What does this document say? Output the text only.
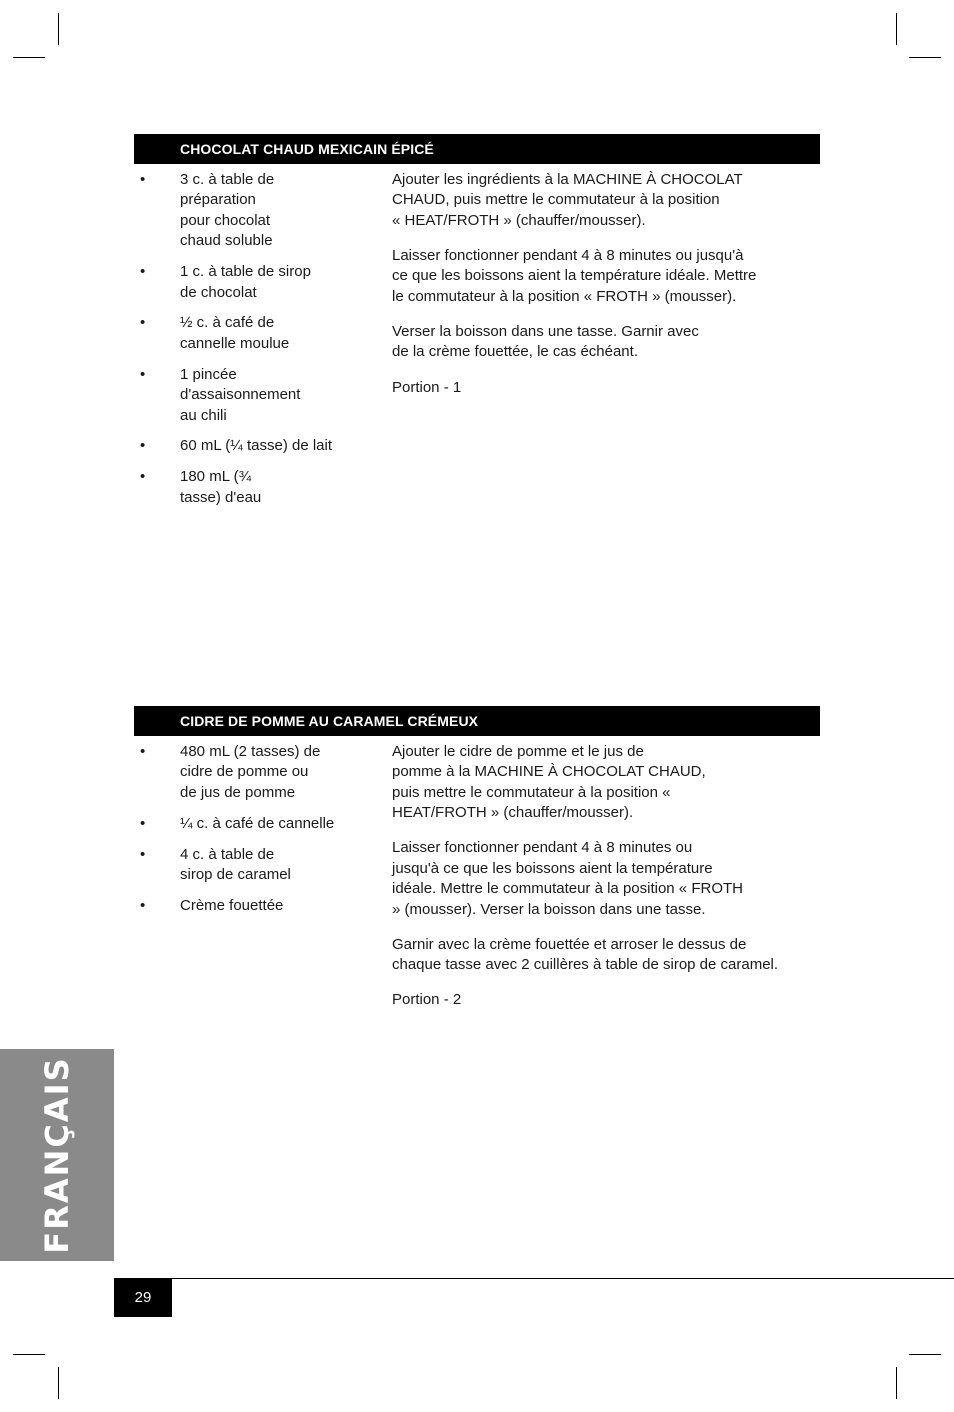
CHOCOLAT CHAUD MEXICAIN ÉPICÉ
• 3 c. à table de
préparation
pour chocolat
chaud soluble
• 1 c. à table de sirop
de chocolat
• ½ c. à café de
cannelle moulue
• 1 pincée
d'assaisonnement
au chili
• 60 mL (¼ tasse) de lait
• 180 mL (¾
tasse) d'eau

Ajouter les ingrédients à la MACHINE À CHOCOLAT
CHAUD, puis mettre le commutateur à la position
« HEAT/FROTH » (chauffer/mousser).

Laisser fonctionner pendant 4 à 8 minutes ou jusqu'à
ce que les boissons aient la température idéale. Mettre
le commutateur à la position « FROTH » (mousser).

Verser la boisson dans une tasse. Garnir avec
de la crème fouettée, le cas échéant.

Portion - 1

CIDRE DE POMME AU CARAMEL CRÉMEUX
• 480 mL (2 tasses) de
cidre de pomme ou
de jus de pomme
• ¼ c. à café de cannelle
• 4 c. à table de
sirop de caramel
• Crème fouettée

Ajouter le cidre de pomme et le jus de
pomme à la MACHINE À CHOCOLAT CHAUD,
puis mettre le commutateur à la position «
HEAT/FROTH » (chauffer/mousser).

Laisser fonctionner pendant 4 à 8 minutes ou
jusqu'à ce que les boissons aient la température
idéale. Mettre le commutateur à la position « FROTH
» (mousser). Verser la boisson dans une tasse.

Garnir avec la crème fouettée et arroser le dessus de
chaque tasse avec 2 cuillères à table de sirop de caramel.

Portion - 2

FRANÇAIS
29
